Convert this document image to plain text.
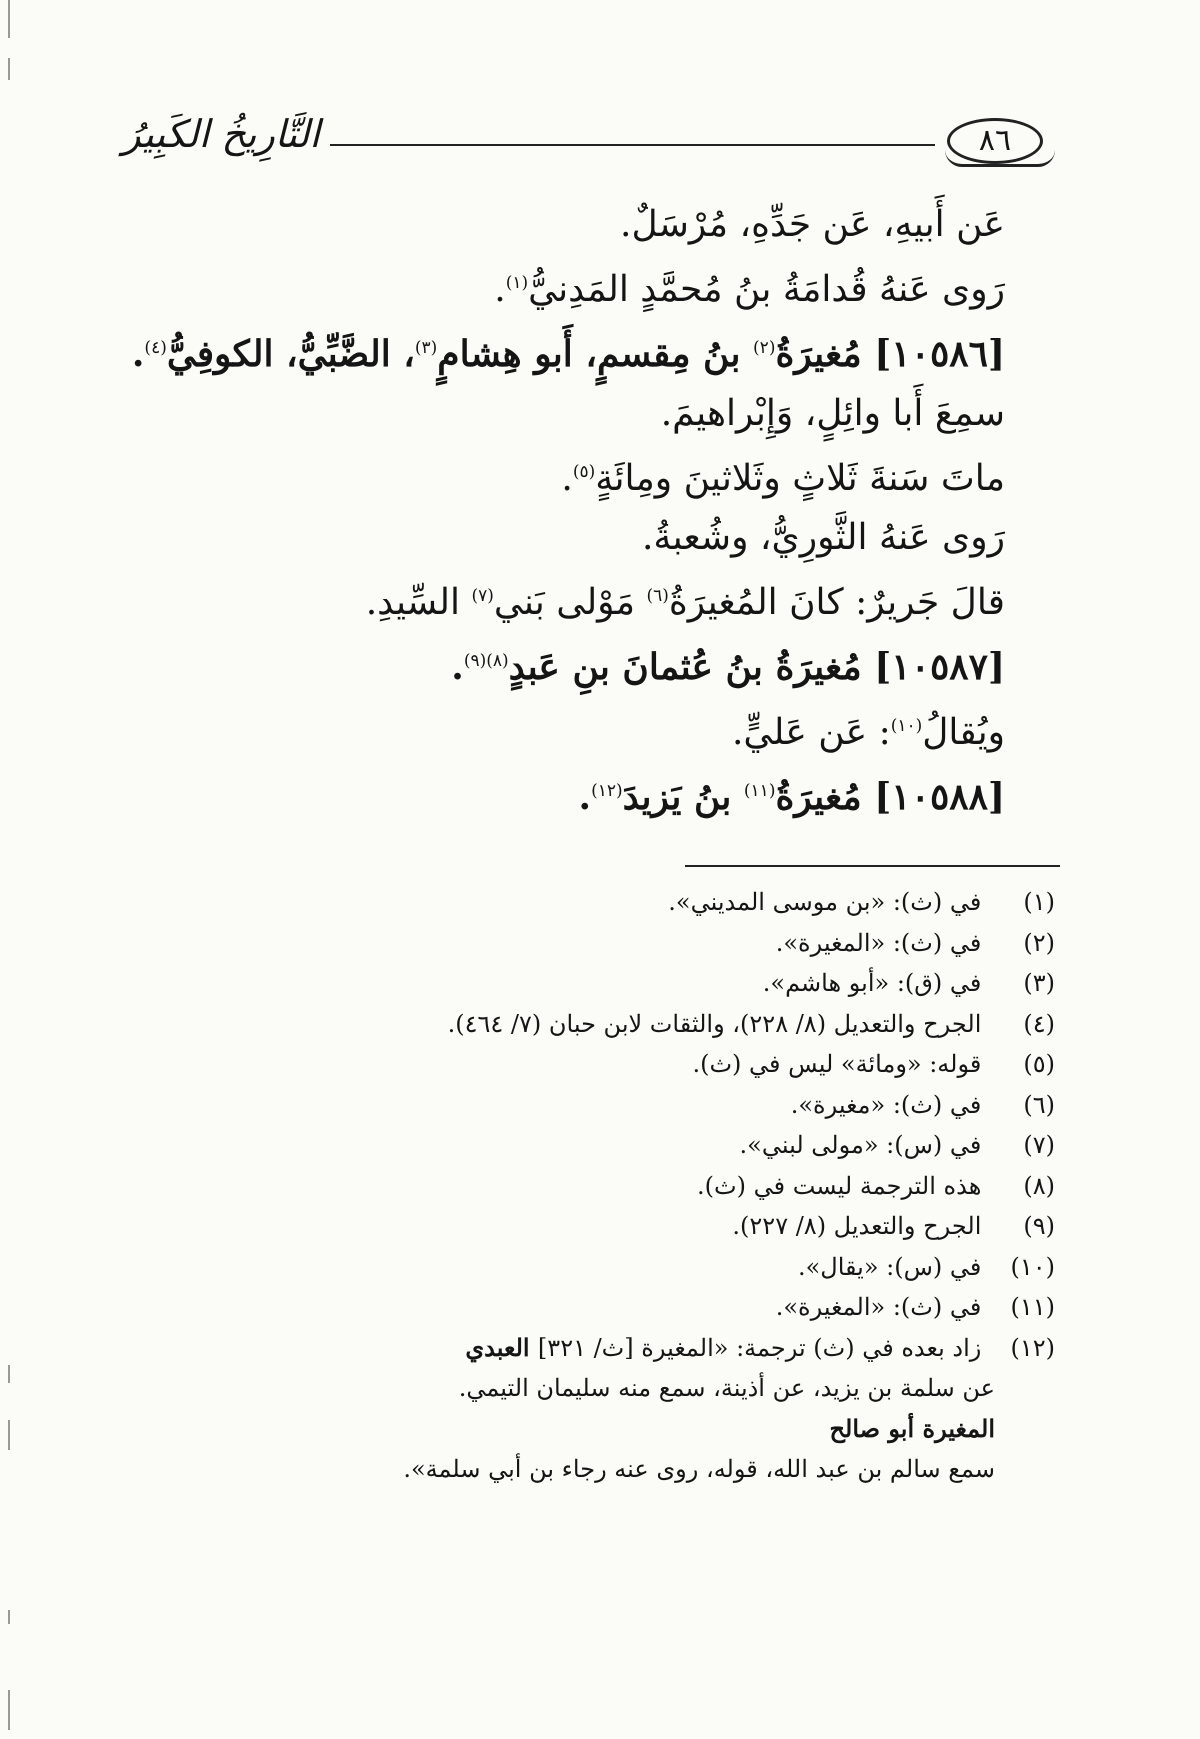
التَّارِيخُ الكَبِيرُ	٨٦
عَن أَبيهِ، عَن جَدِّهِ، مُرْسَلٌ.
رَوى عَنهُ قُدامَةُ بنُ مُحمَّدٍ المَدِنيُّ$^{(١)}$.
[١٠٥٨٦] مُغيرَةُ$^{(٢)}$ بنُ مِقسمٍ، أَبو هِشامٍ$^{(٣)}$، الضَّبِّيُّ، الكوفِيُّ$^{(٤)}$.
سمِعَ أَبا وائِلٍ، وَإِبْراهيمَ.
ماتَ سَنةَ ثَلاثٍ وثَلاثينَ ومِائَةٍ$^{(٥)}$.
رَوى عَنهُ الثَّورِيُّ، وشُعبةُ.
قالَ جَريرٌ: كانَ المُغيرَةُ$^{(٦)}$ مَوْلى بَني$^{(٧)}$ السِّيدِ.
[١٠٥٨٧] مُغيرَةُ بنُ عُثمانَ بنِ عَبدٍ$^{(٨)(٩)}$.
ويُقالُ$^{(١٠)}$: عَن عَليٍّ.
[١٠٥٨٨] مُغيرَةُ$^{(١١)}$ بنُ يَزيدَ$^{(١٢)}$.
(١) في (ث): «بن موسى المديني».
(٢) في (ث): «المغيرة».
(٣) في (ق): «أبو هاشم».
(٤) الجرح والتعديل (٨/ ٢٢٨)، والثقات لابن حبان (٧/ ٤٦٤).
(٥) قوله: «ومائة» ليس في (ث).
(٦) في (ث): «مغيرة».
(٧) في (س): «مولى لبني».
(٨) هذه الترجمة ليست في (ث).
(٩) الجرح والتعديل (٨/ ٢٢٧).
(١٠) في (س): «يقال».
(١١) في (ث): «المغيرة».
(١٢) زاد بعده في (ث) ترجمة: «المغيرة [ث/ ٣٢١] العبدي
عن سلمة بن يزيد، عن أذينة، سمع منه سليمان التيمي.
المغيرة أبو صالح
سمع سالم بن عبد الله، قوله، روى عنه رجاء بن أبي سلمة».
